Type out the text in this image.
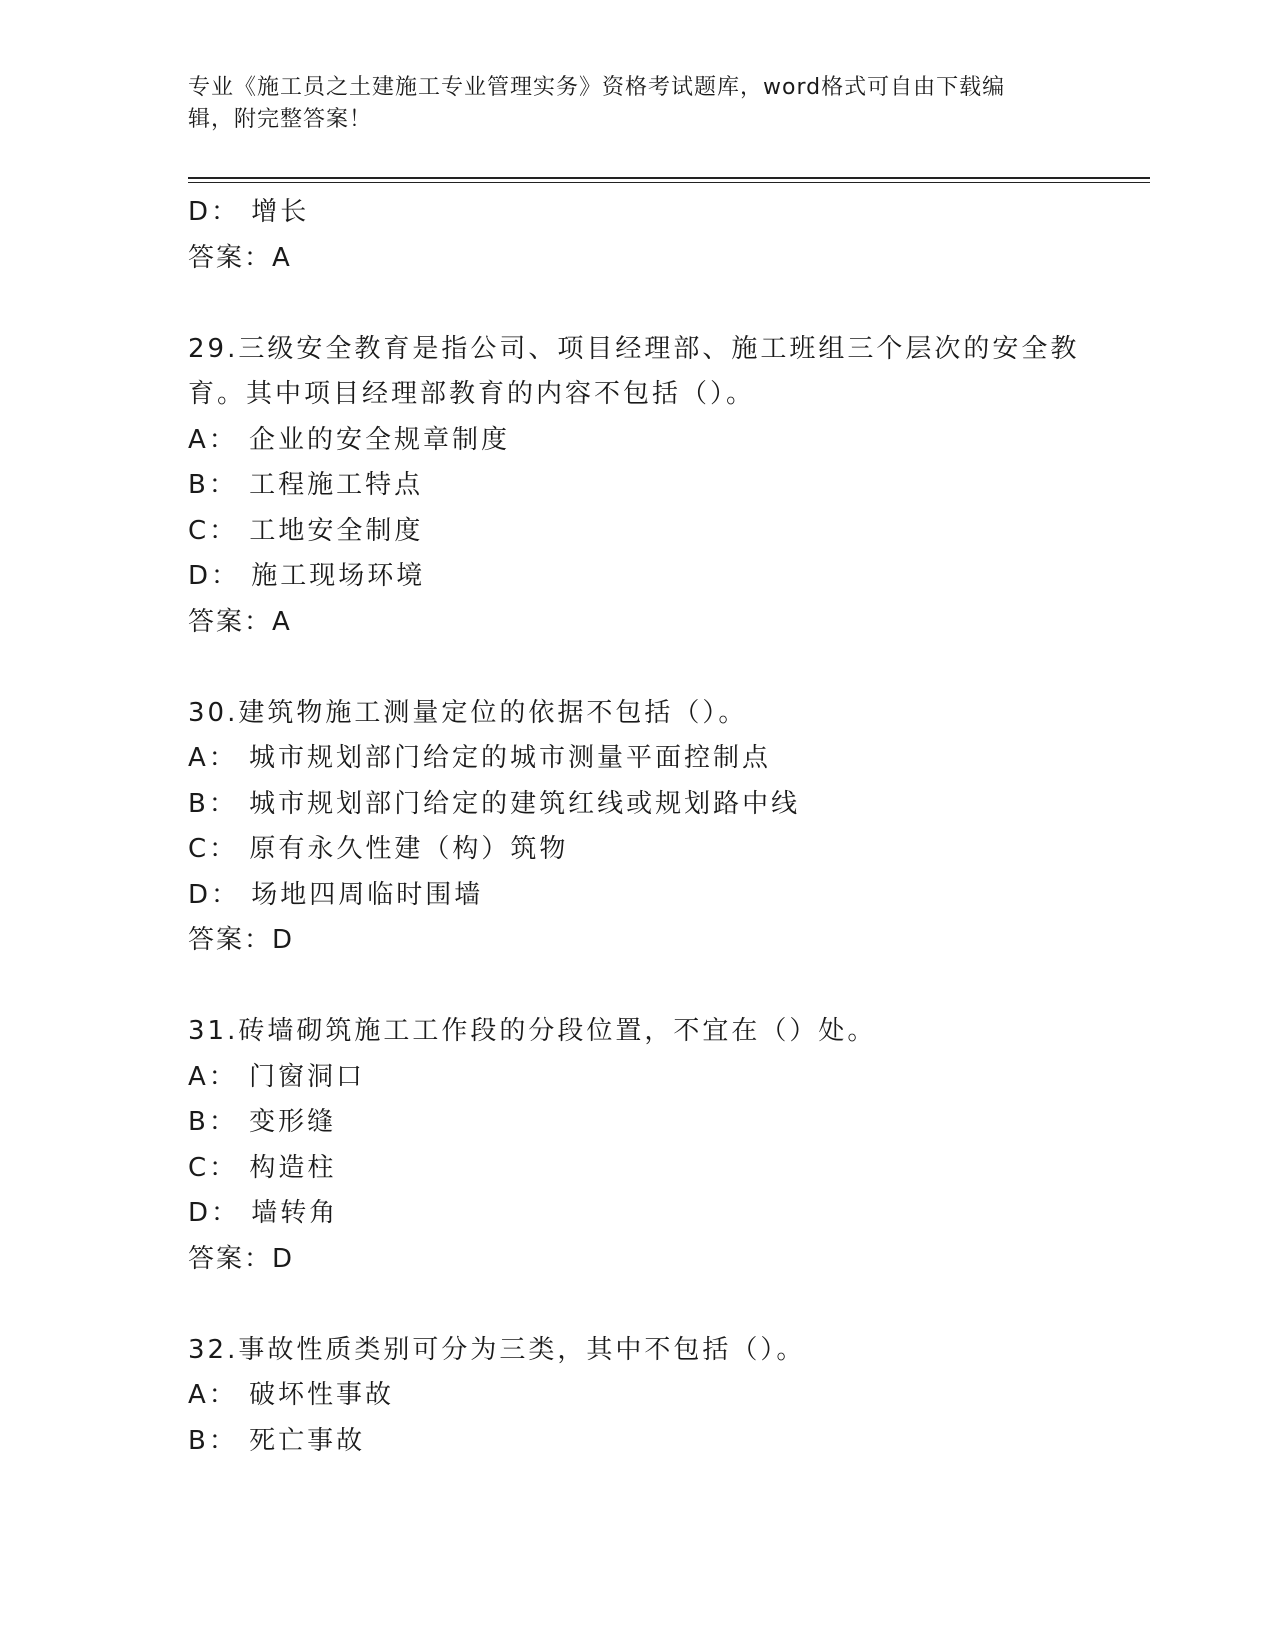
专业《施工员之土建施工专业管理实务》资格考试题库，word格式可自由下载编
辑，附完整答案！
D： 增长
答案：A
29.三级安全教育是指公司、项目经理部、施工班组三个层次的安全教
育。其中项目经理部教育的内容不包括（）。
A： 企业的安全规章制度
B： 工程施工特点
C： 工地安全制度
D： 施工现场环境
答案：A
30.建筑物施工测量定位的依据不包括（）。
A： 城市规划部门给定的城市测量平面控制点
B： 城市规划部门给定的建筑红线或规划路中线
C： 原有永久性建（构）筑物
D： 场地四周临时围墙
答案：D
31.砖墙砌筑施工工作段的分段位置，不宜在（）处。
A： 门窗洞口
B： 变形缝
C： 构造柱
D： 墙转角
答案：D
32.事故性质类别可分为三类，其中不包括（）。
A： 破坏性事故
B： 死亡事故
